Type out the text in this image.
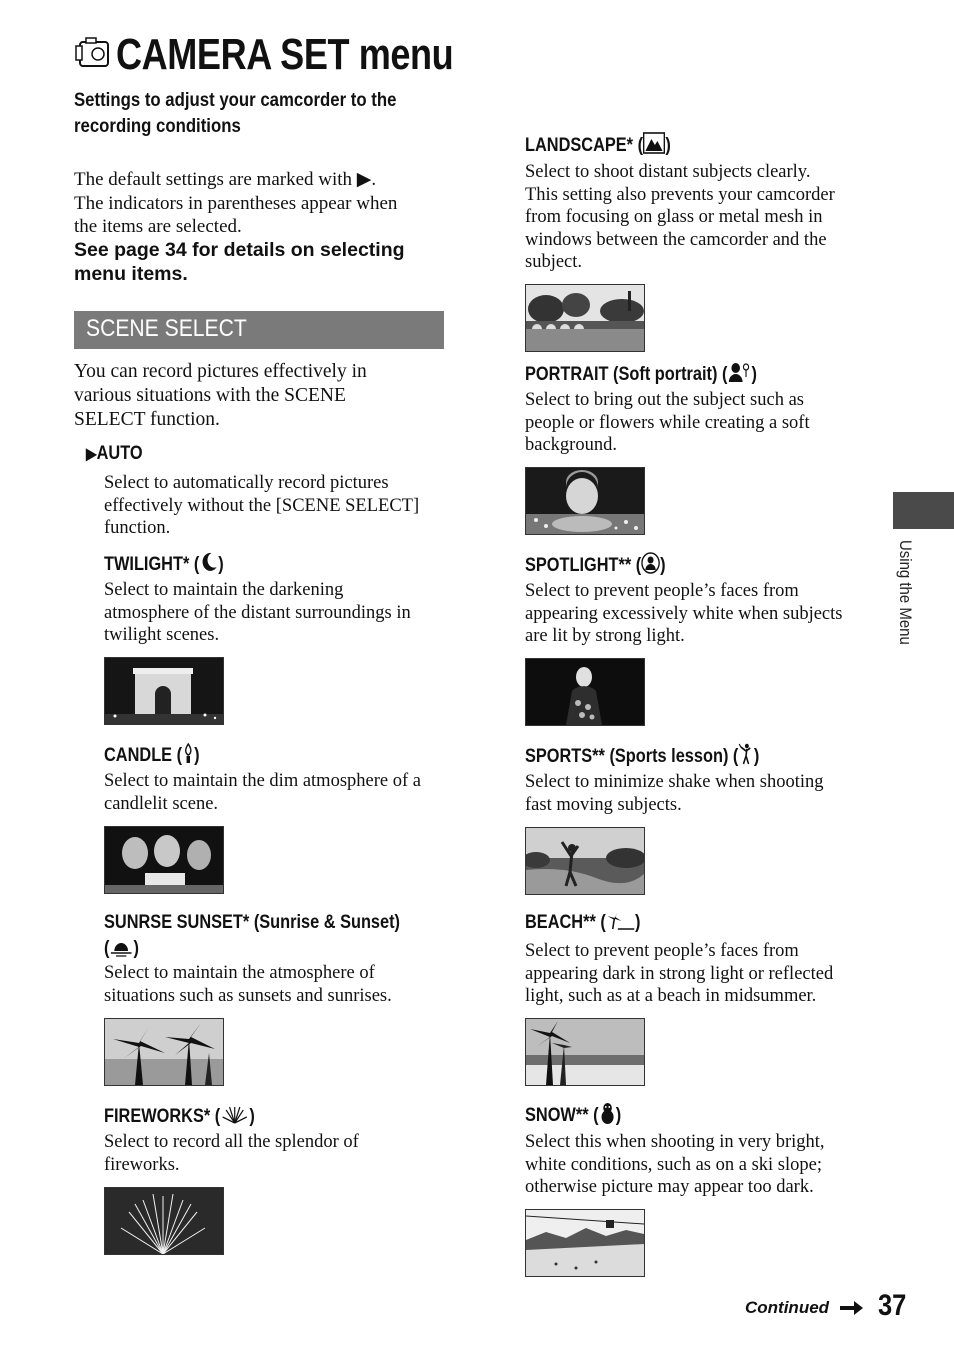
CAMERA SET menu
Settings to adjust your camcorder to the
recording conditions
The default settings are marked with ▶.
The indicators in parentheses appear when
the items are selected.
See page 34 for details on selecting
menu items.
SCENE SELECT
You can record pictures effectively in
various situations with the SCENE
SELECT function.
▶AUTO
Select to automatically record pictures
effectively without the [SCENE SELECT]
function.
TWILIGHT* ( )
Select to maintain the darkening
atmosphere of the distant surroundings in
twilight scenes.
CANDLE ( )
Select to maintain the dim atmosphere of a
candlelit scene.
SUNRSE SUNSET* (Sunrise & Sunset)
( )
Select to maintain the atmosphere of
situations such as sunsets and sunrises.
FIREWORKS* ( )
Select to record all the splendor of
fireworks.
LANDSCAPE* ( )
Select to shoot distant subjects clearly.
This setting also prevents your camcorder
from focusing on glass or metal mesh in
windows between the camcorder and the
subject.
PORTRAIT (Soft portrait) ( )
Select to bring out the subject such as
people or flowers while creating a soft
background.
SPOTLIGHT** ( )
Select to prevent people’s faces from
appearing excessively white when subjects
are lit by strong light.
SPORTS** (Sports lesson) ( )
Select to minimize shake when shooting
fast moving subjects.
BEACH** ( )
Select to prevent people’s faces from
appearing dark in strong light or reflected
light, such as at a beach in midsummer.
SNOW** ( )
Select this when shooting in very bright,
white conditions, such as on a ski slope;
otherwise picture may appear too dark.
Using the Menu
Continued 37
